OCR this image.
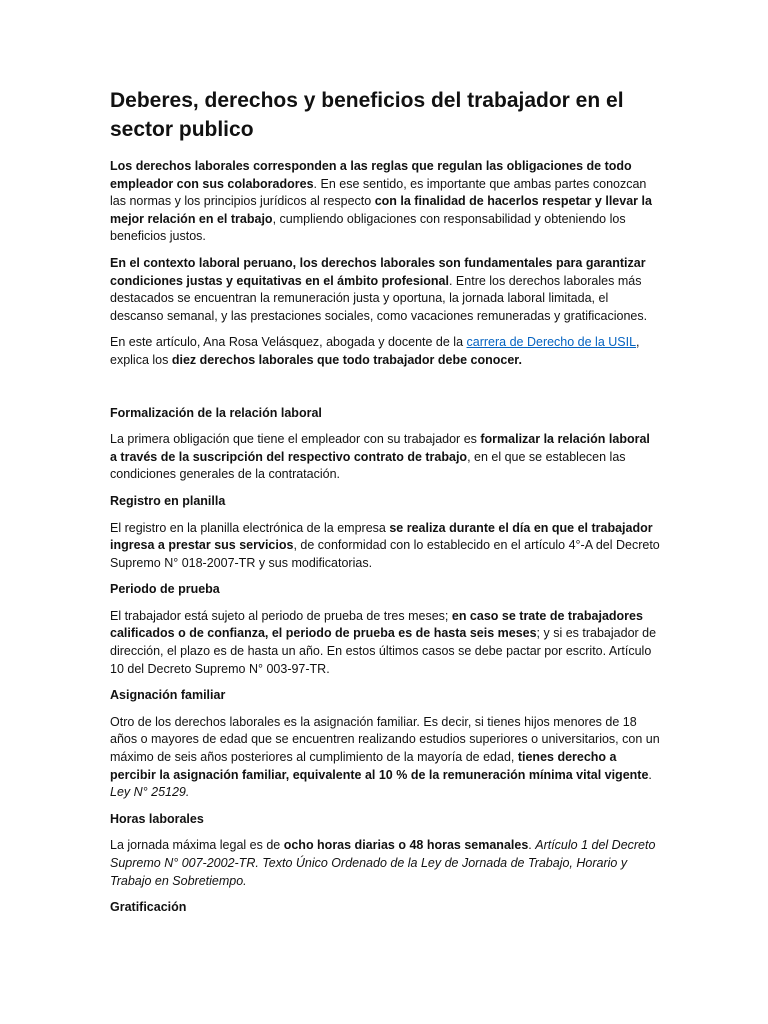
Deberes, derechos y beneficios del trabajador en el sector publico

Los derechos laborales corresponden a las reglas que regulan las obligaciones de todo empleador con sus colaboradores. En ese sentido, es importante que ambas partes conozcan las normas y los principios jurídicos al respecto con la finalidad de hacerlos respetar y llevar la mejor relación en el trabajo, cumpliendo obligaciones con responsabilidad y obteniendo los beneficios justos.

En el contexto laboral peruano, los derechos laborales son fundamentales para garantizar condiciones justas y equitativas en el ámbito profesional. Entre los derechos laborales más destacados se encuentran la remuneración justa y oportuna, la jornada laboral limitada, el descanso semanal, y las prestaciones sociales, como vacaciones remuneradas y gratificaciones.

En este artículo, Ana Rosa Velásquez, abogada y docente de la carrera de Derecho de la USIL, explica los diez derechos laborales que todo trabajador debe conocer.

Formalización de la relación laboral

La primera obligación que tiene el empleador con su trabajador es formalizar la relación laboral a través de la suscripción del respectivo contrato de trabajo, en el que se establecen las condiciones generales de la contratación.

Registro en planilla

El registro en la planilla electrónica de la empresa se realiza durante el día en que el trabajador ingresa a prestar sus servicios, de conformidad con lo establecido en el artículo 4°-A del Decreto Supremo N° 018-2007-TR y sus modificatorias.

Periodo de prueba

El trabajador está sujeto al periodo de prueba de tres meses; en caso se trate de trabajadores calificados o de confianza, el periodo de prueba es de hasta seis meses; y si es trabajador de dirección, el plazo es de hasta un año. En estos últimos casos se debe pactar por escrito. Artículo 10 del Decreto Supremo N° 003-97-TR.

Asignación familiar

Otro de los derechos laborales es la asignación familiar. Es decir, si tienes hijos menores de 18 años o mayores de edad que se encuentren realizando estudios superiores o universitarios, con un máximo de seis años posteriores al cumplimiento de la mayoría de edad, tienes derecho a percibir la asignación familiar, equivalente al 10 % de la remuneración mínima vital vigente. Ley N° 25129.

Horas laborales

La jornada máxima legal es de ocho horas diarias o 48 horas semanales. Artículo 1 del Decreto Supremo N° 007-2002-TR. Texto Único Ordenado de la Ley de Jornada de Trabajo, Horario y Trabajo en Sobretiempo.

Gratificación
